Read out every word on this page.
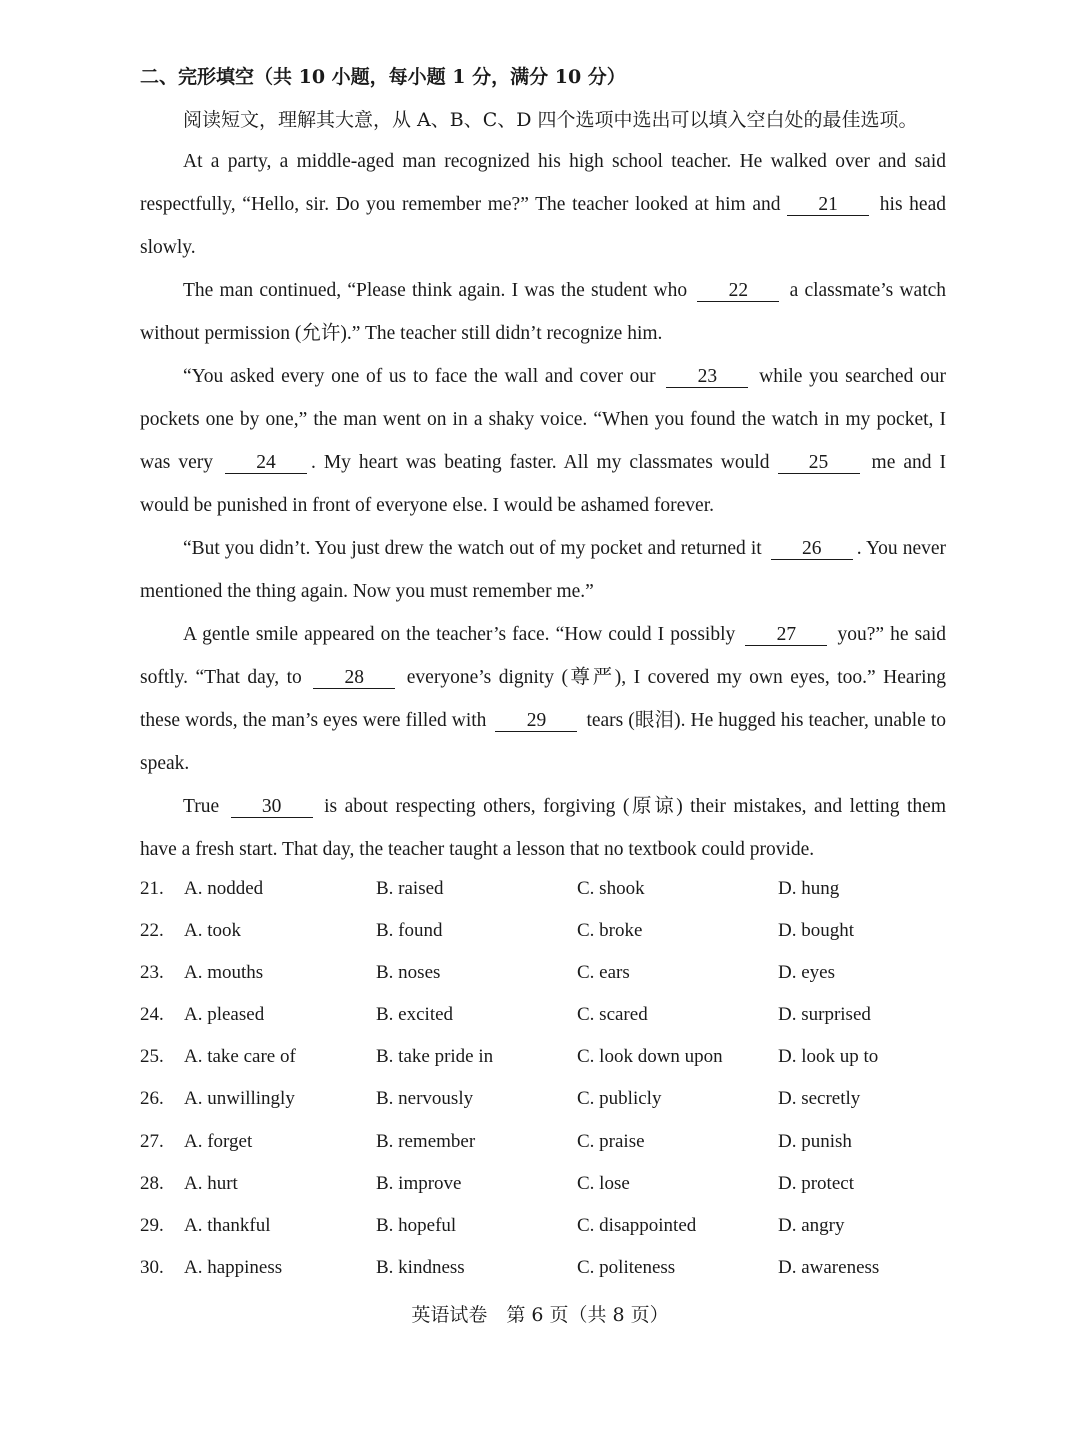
二、完形填空（共 10 小题，每小题 1 分，满分 10 分）
阅读短文，理解其大意，从 A、B、C、D 四个选项中选出可以填入空白处的最佳选项。

At a party, a middle-aged man recognized his high school teacher. He walked over and said respectfully, “Hello, sir. Do you remember me?” The teacher looked at him and 21 his head slowly.

The man continued, “Please think again. I was the student who 22 a classmate’s watch without permission (允许).” The teacher still didn’t recognize him.

“You asked every one of us to face the wall and cover our 23 while you searched our pockets one by one,” the man went on in a shaky voice. “When you found the watch in my pocket, I was very 24 . My heart was beating faster. All my classmates would 25 me and I would be punished in front of everyone else. I would be ashamed forever.

“But you didn’t. You just drew the watch out of my pocket and returned it 26 . You never mentioned the thing again. Now you must remember me.”

A gentle smile appeared on the teacher’s face. “How could I possibly 27 you?” he said softly. “That day, to 28 everyone’s dignity (尊严), I covered my own eyes, too.” Hearing these words, the man’s eyes were filled with 29 tears (眼泪). He hugged his teacher, unable to speak.

True 30 is about respecting others, forgiving (原谅) their mistakes, and letting them have a fresh start. That day, the teacher taught a lesson that no textbook could provide.

21. A. nodded	B. raised	C. shook	D. hung
22. A. took	B. found	C. broke	D. bought
23. A. mouths	B. noses	C. ears	D. eyes
24. A. pleased	B. excited	C. scared	D. surprised
25. A. take care of	B. take pride in	C. look down upon	D. look up to
26. A. unwillingly	B. nervously	C. publicly	D. secretly
27. A. forget	B. remember	C. praise	D. punish
28. A. hurt	B. improve	C. lose	D. protect
29. A. thankful	B. hopeful	C. disappointed	D. angry
30. A. happiness	B. kindness	C. politeness	D. awareness
英语试卷　第 6 页（共 8 页）
